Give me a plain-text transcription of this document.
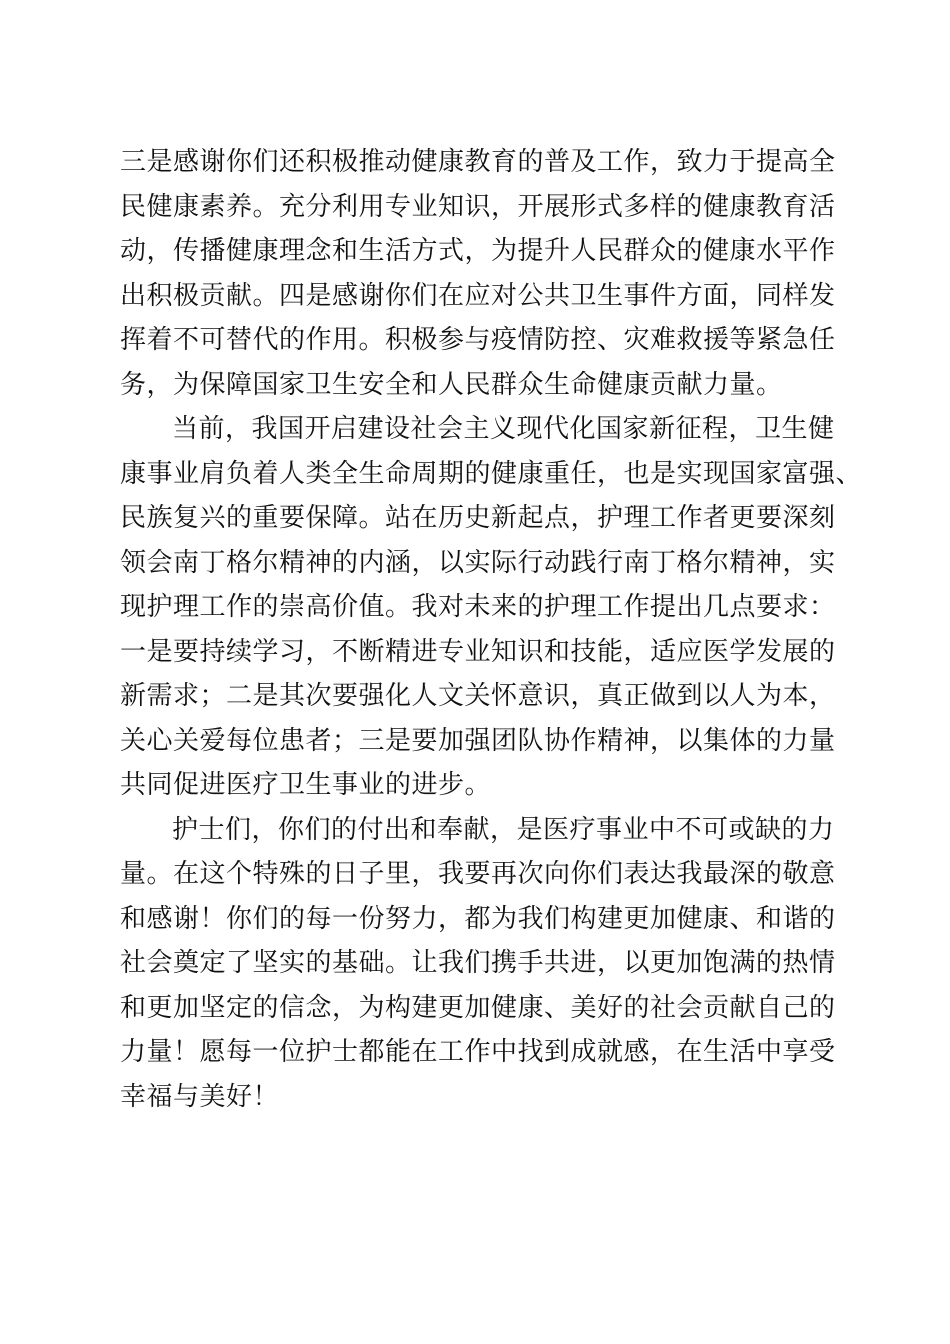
三是感谢你们还积极推动健康教育的普及工作，致力于提高全
民健康素养。充分利用专业知识，开展形式多样的健康教育活
动，传播健康理念和生活方式，为提升人民群众的健康水平作
出积极贡献。四是感谢你们在应对公共卫生事件方面，同样发
挥着不可替代的作用。积极参与疫情防控、灾难救援等紧急任
务，为保障国家卫生安全和人民群众生命健康贡献力量。
当前，我国开启建设社会主义现代化国家新征程，卫生健
康事业肩负着人类全生命周期的健康重任，也是实现国家富强、
民族复兴的重要保障。站在历史新起点，护理工作者更要深刻
领会南丁格尔精神的内涵，以实际行动践行南丁格尔精神，实
现护理工作的崇高价值。我对未来的护理工作提出几点要求：
一是要持续学习，不断精进专业知识和技能，适应医学发展的
新需求；二是其次要强化人文关怀意识，真正做到以人为本，
关心关爱每位患者；三是要加强团队协作精神，以集体的力量
共同促进医疗卫生事业的进步。
护士们，你们的付出和奉献，是医疗事业中不可或缺的力
量。在这个特殊的日子里，我要再次向你们表达我最深的敬意
和感谢！你们的每一份努力，都为我们构建更加健康、和谐的
社会奠定了坚实的基础。让我们携手共进，以更加饱满的热情
和更加坚定的信念，为构建更加健康、美好的社会贡献自己的
力量！愿每一位护士都能在工作中找到成就感，在生活中享受
幸福与美好！
